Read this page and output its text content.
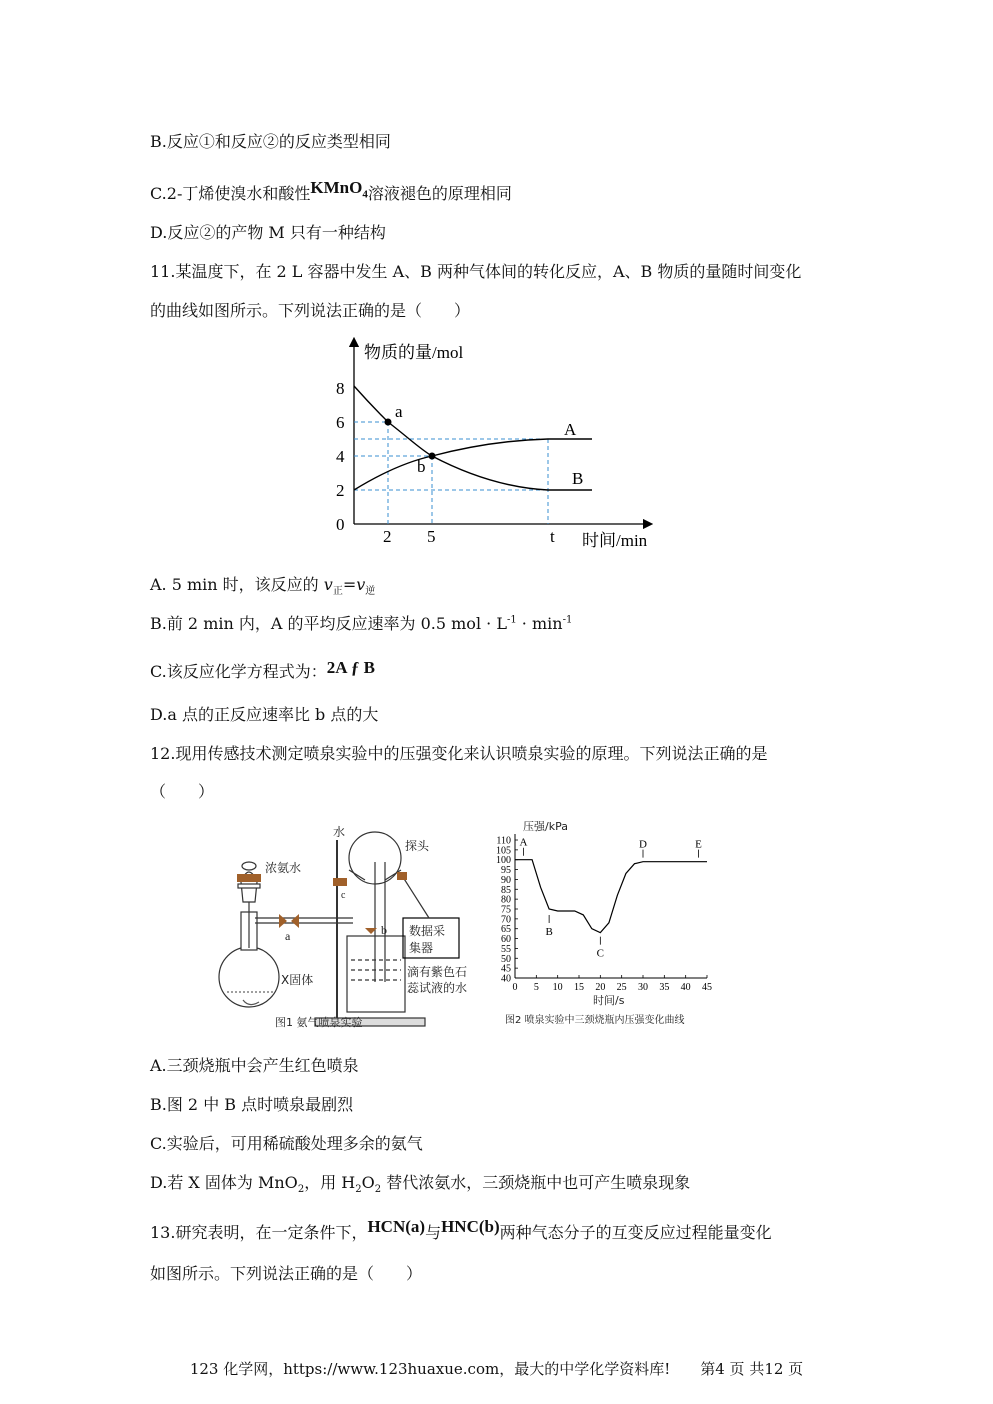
B.反应①和反应②的反应类型相同
C.2-丁烯使溴水和酸性KMnO$_4$溶液褪色的原理相同
D.反应②的产物 M 只有一种结构
11.某温度下，在 2 L 容器中发生 A、B 两种气体间的转化反应，A、B 物质的量随时间变化
的曲线如图所示。下列说法正确的是（　　）
物质的量/mol
8
6
4
2
0
2 5	t 时间/min
a
b
A
B
A. 5 min 时，该反应的 $v_正=v_逆$
B.前 2 min 内，A 的平均反应速率为 0.5 mol · $L^{-1} \cdot \min^{-1}$
C.该反应化学方程式为：2A ƒ B
D.a 点的正反应速率比 b 点的大
12.现用传感技术测定喷泉实验中的压强变化来认识喷泉实验的原理。下列说法正确的是
（　　）
水
探头
浓氨水
a	b
c
数据采
集器
X固体
滴有紫色石
蕊试液的水
图1 氨气喷泉实验
压强/kPa
时间/s
图2 喷泉实验中三颈烧瓶内压强变化曲线
110
105
100
95
90
85
80
75
70
65
60
55
50
45
40
0 5 10 15 20 25 30 35 40 45
A
B
C
D	E
A.三颈烧瓶中会产生红色喷泉
B.图 2 中 B 点时喷泉最剧烈
C.实验后，可用稀硫酸处理多余的氨气
D.若 X 固体为 MnO$_2$，用 $H_2O_2$ 替代浓氨水，三颈烧瓶中也可产生喷泉现象
13.研究表明，在一定条件下，HCN(a)与HNC(b)两种气态分子的互变反应过程能量变化
如图所示。下列说法正确的是（　　）
123 化学网，https://www.123huaxue.com，最大的中学化学资料库!　　第4 页 共12 页
